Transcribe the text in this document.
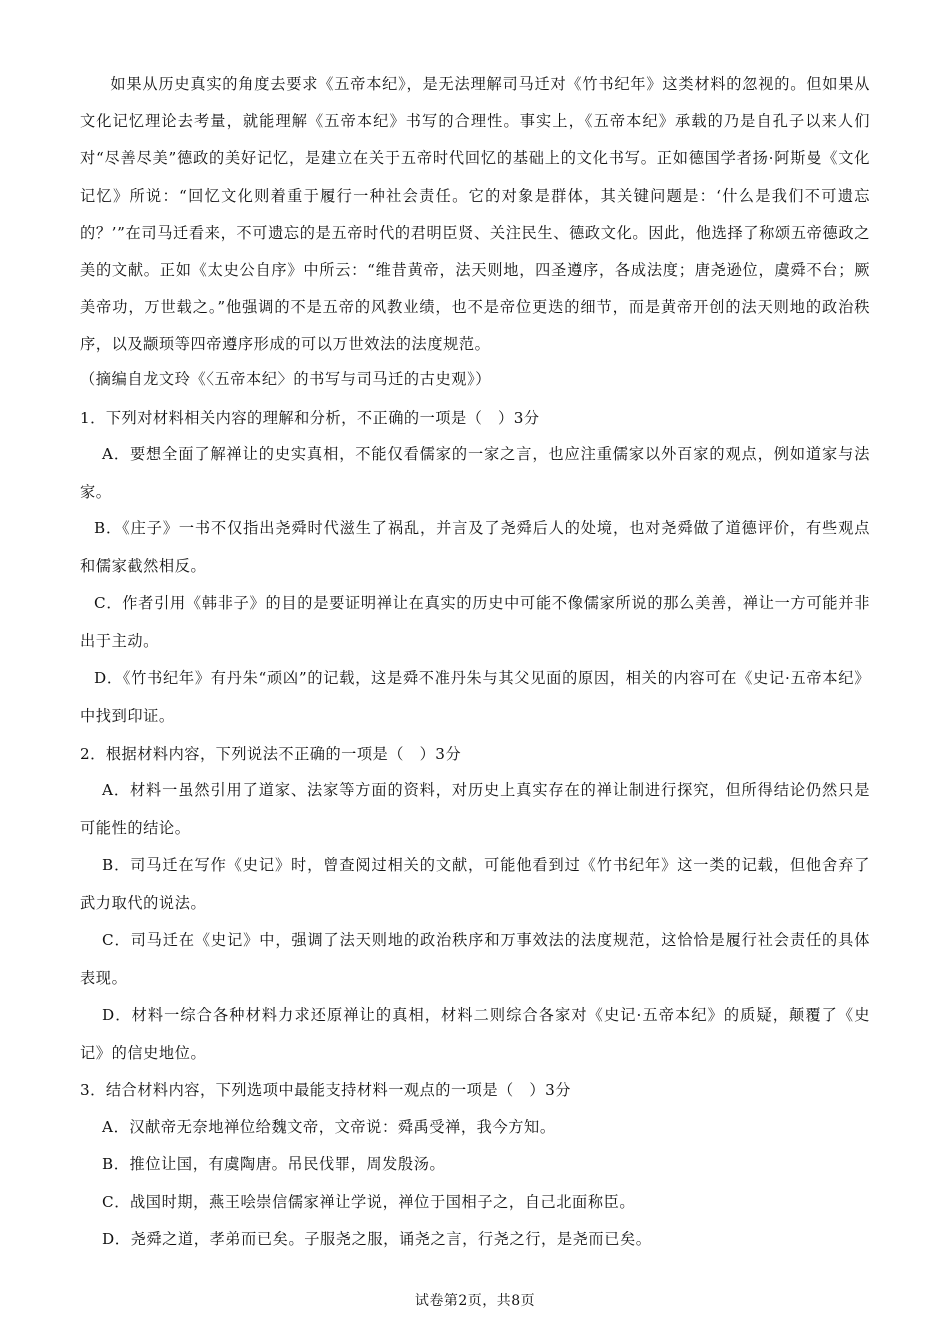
如果从历史真实的角度去要求《五帝本纪》，是无法理解司马迁对《竹书纪年》这类材料的忽视的。但如果从文化记忆理论去考量，就能理解《五帝本纪》书写的合理性。事实上，《五帝本纪》承载的乃是自孔子以来人们对“尽善尽美”德政的美好记忆，是建立在关于五帝时代回忆的基础上的文化书写。正如德国学者扬·阿斯曼《文化记忆》所说：“回忆文化则着重于履行一种社会责任。它的对象是群体，其关键问题是：‘什么是我们不可遗忘的？’”在司马迁看来，不可遗忘的是五帝时代的君明臣贤、关注民生、德政文化。因此，他选择了称颂五帝德政之美的文献。正如《太史公自序》中所云：“维昔黄帝，法天则地，四圣遵序，各成法度；唐尧逊位，虞舜不台；厥美帝功，万世载之。”他强调的不是五帝的风教业绩，也不是帝位更迭的细节，而是黄帝开创的法天则地的政治秩序，以及颛顼等四帝遵序形成的可以万世效法的法度规范。
（摘编自龙文玲《〈五帝本纪〉的书写与司马迁的古史观》）
1．下列对材料相关内容的理解和分析，不正确的一项是（　）3分
A．要想全面了解禅让的史实真相，不能仅看儒家的一家之言，也应注重儒家以外百家的观点，例如道家与法家。
B．《庄子》一书不仅指出尧舜时代滋生了祸乱，并言及了尧舜后人的处境，也对尧舜做了道德评价，有些观点和儒家截然相反。
C．作者引用《韩非子》的目的是要证明禅让在真实的历史中可能不像儒家所说的那么美善，禅让一方可能并非出于主动。
D．《竹书纪年》有丹朱“顽凶”的记载，这是舜不准丹朱与其父见面的原因，相关的内容可在《史记·五帝本纪》中找到印证。
2．根据材料内容，下列说法不正确的一项是（　）3分
A．材料一虽然引用了道家、法家等方面的资料，对历史上真实存在的禅让制进行探究，但所得结论仍然只是可能性的结论。
B．司马迁在写作《史记》时，曾查阅过相关的文献，可能他看到过《竹书纪年》这一类的记载，但他舍弃了武力取代的说法。
C．司马迁在《史记》中，强调了法天则地的政治秩序和万事效法的法度规范，这恰恰是履行社会责任的具体表现。
D．材料一综合各种材料力求还原禅让的真相，材料二则综合各家对《史记·五帝本纪》的质疑，颠覆了《史记》的信史地位。
3．结合材料内容，下列选项中最能支持材料一观点的一项是（　）3分
A．汉献帝无奈地禅位给魏文帝，文帝说：舜禹受禅，我今方知。
B．推位让国，有虞陶唐。吊民伐罪，周发殷汤。
C．战国时期，燕王哙崇信儒家禅让学说，禅位于国相子之，自己北面称臣。
D．尧舜之道，孝弟而已矣。子服尧之服，诵尧之言，行尧之行，是尧而已矣。
试卷第2页，共8页
